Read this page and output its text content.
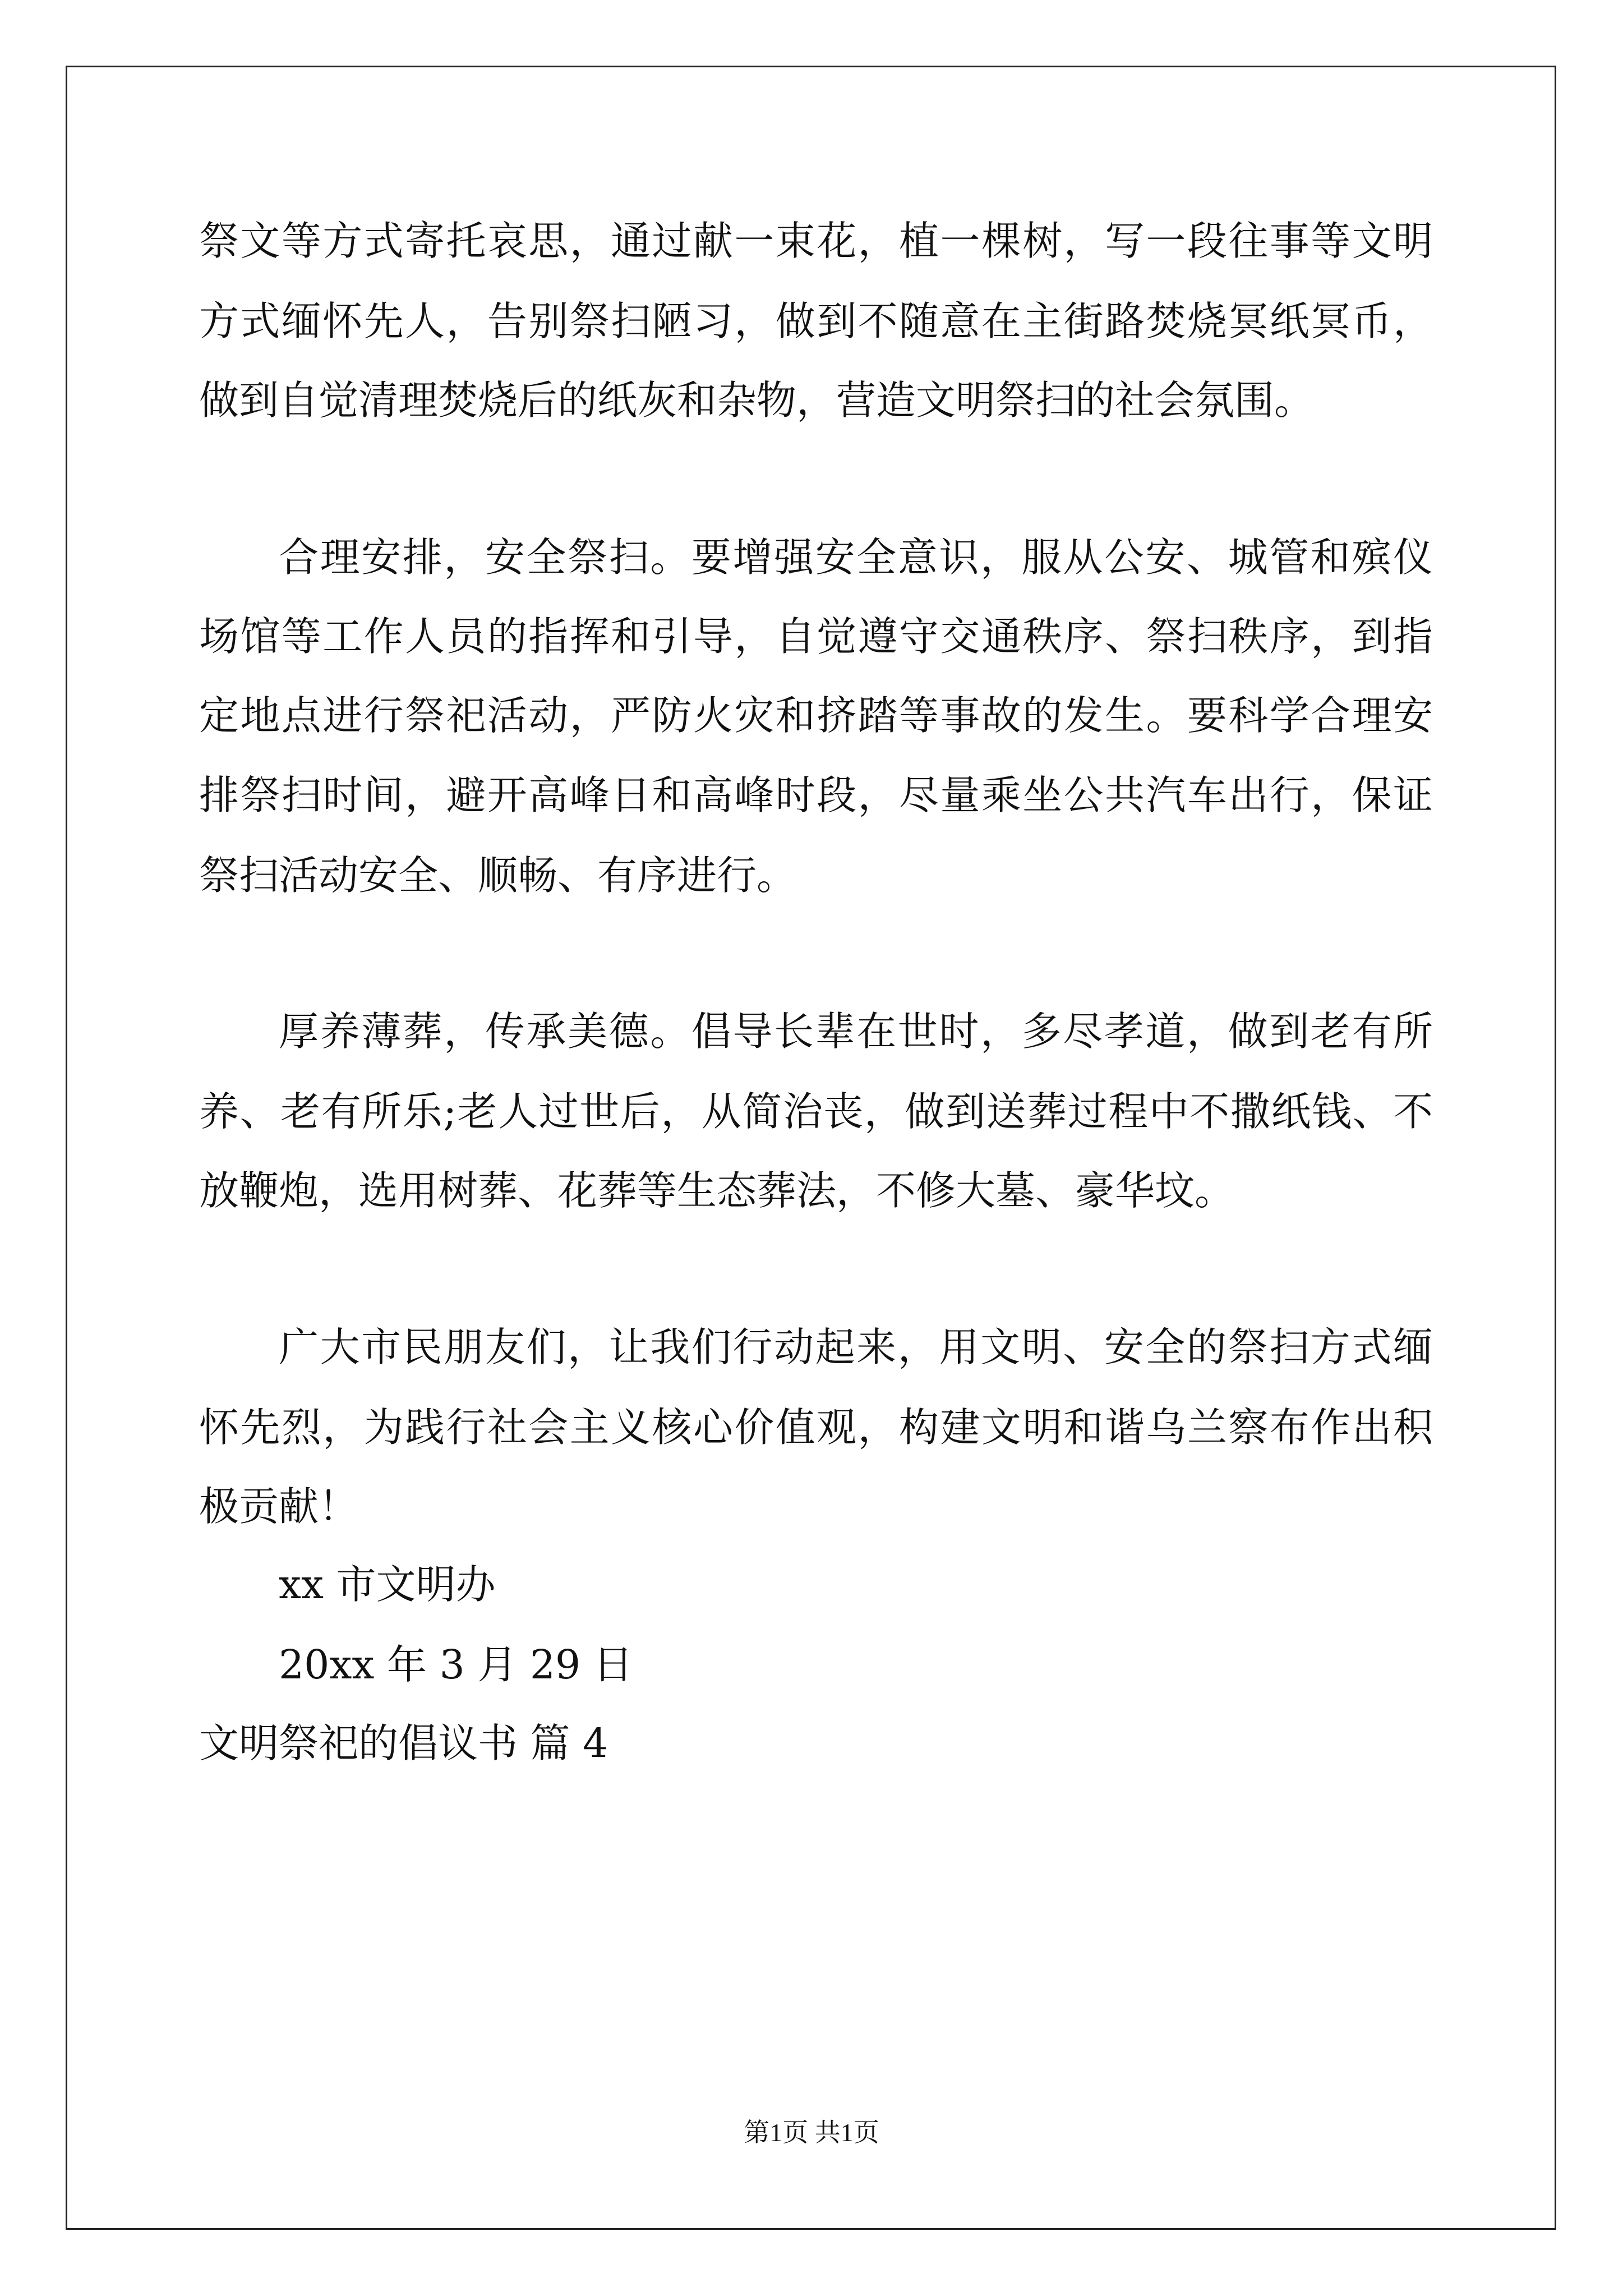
祭文等方式寄托哀思，通过献一束花，植一棵树，写一段往事等文明
方式缅怀先人，告别祭扫陋习，做到不随意在主街路焚烧冥纸冥币，
做到自觉清理焚烧后的纸灰和杂物，营造文明祭扫的社会氛围。
合理安排，安全祭扫。要增强安全意识，服从公安、城管和殡仪
场馆等工作人员的指挥和引导，自觉遵守交通秩序、祭扫秩序，到指
定地点进行祭祀活动，严防火灾和挤踏等事故的发生。要科学合理安
排祭扫时间，避开高峰日和高峰时段，尽量乘坐公共汽车出行，保证
祭扫活动安全、顺畅、有序进行。
厚养薄葬，传承美德。倡导长辈在世时，多尽孝道，做到老有所
养、老有所乐;老人过世后，从简治丧，做到送葬过程中不撒纸钱、不
放鞭炮，选用树葬、花葬等生态葬法，不修大墓、豪华坟。
广大市民朋友们，让我们行动起来，用文明、安全的祭扫方式缅
怀先烈，为践行社会主义核心价值观，构建文明和谐乌兰察布作出积
极贡献！
xx 市文明办
20xx 年 3 月 29 日
文明祭祀的倡议书 篇 4
第1页 共1页
